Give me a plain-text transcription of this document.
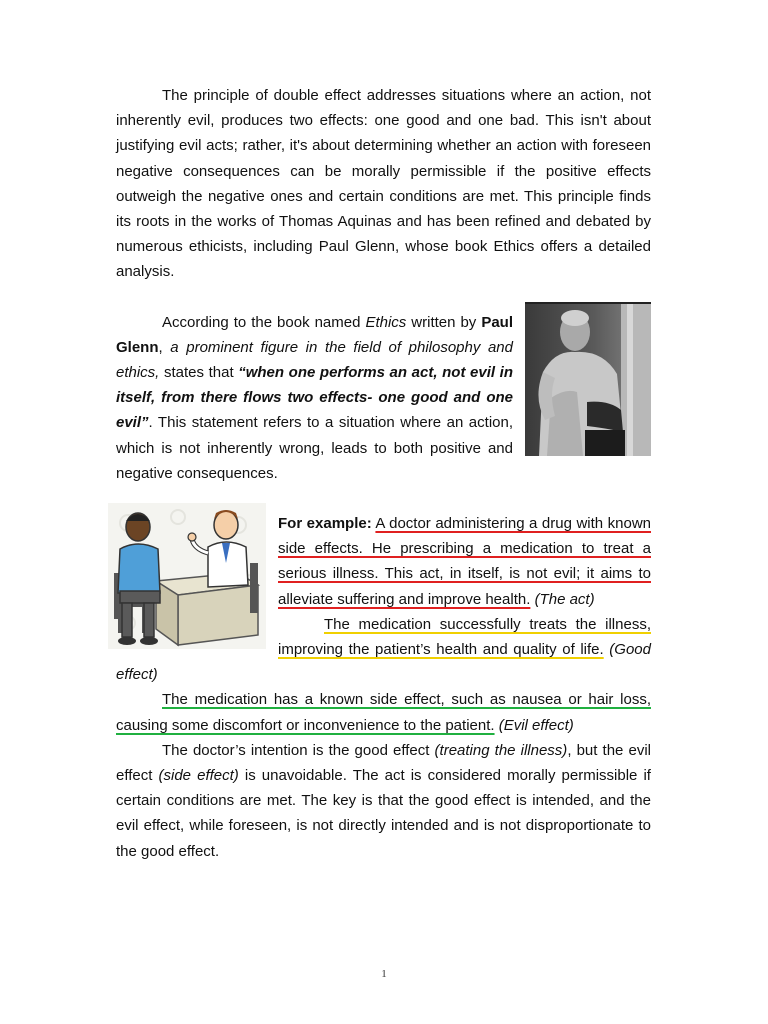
The principle of double effect addresses situations where an action, not inherently evil, produces two effects: one good and one bad. This isn't about justifying evil acts; rather, it's about determining whether an action with foreseen negative consequences can be morally permissible if the positive effects outweigh the negative ones and certain conditions are met. This principle finds its roots in the works of Thomas Aquinas and has been refined and debated by numerous ethicists, including Paul Glenn, whose book Ethics offers a detailed analysis.

According to the book named Ethics written by Paul Glenn, a prominent figure in the field of philosophy and ethics, states that “when one performs an act, not evil in itself, from there flows two effects- one good and one evil”. This statement refers to a situation where an action, which is not inherently wrong, leads to both positive and negative consequences.

For example: A doctor administering a drug with known side effects. He prescribing a medication to treat a serious illness. This act, in itself, is not evil; it aims to alleviate suffering and improve health. (The act)

The medication successfully treats the illness, improving the patient’s health and quality of life. (Good effect)

The medication has a known side effect, such as nausea or hair loss, causing some discomfort or inconvenience to the patient. (Evil effect)

The doctor’s intention is the good effect (treating the illness), but the evil effect (side effect) is unavoidable. The act is considered morally permissible if certain conditions are met. The key is that the good effect is intended, and the evil effect, while foreseen, is not directly intended and is not disproportionate to the good effect.

1
